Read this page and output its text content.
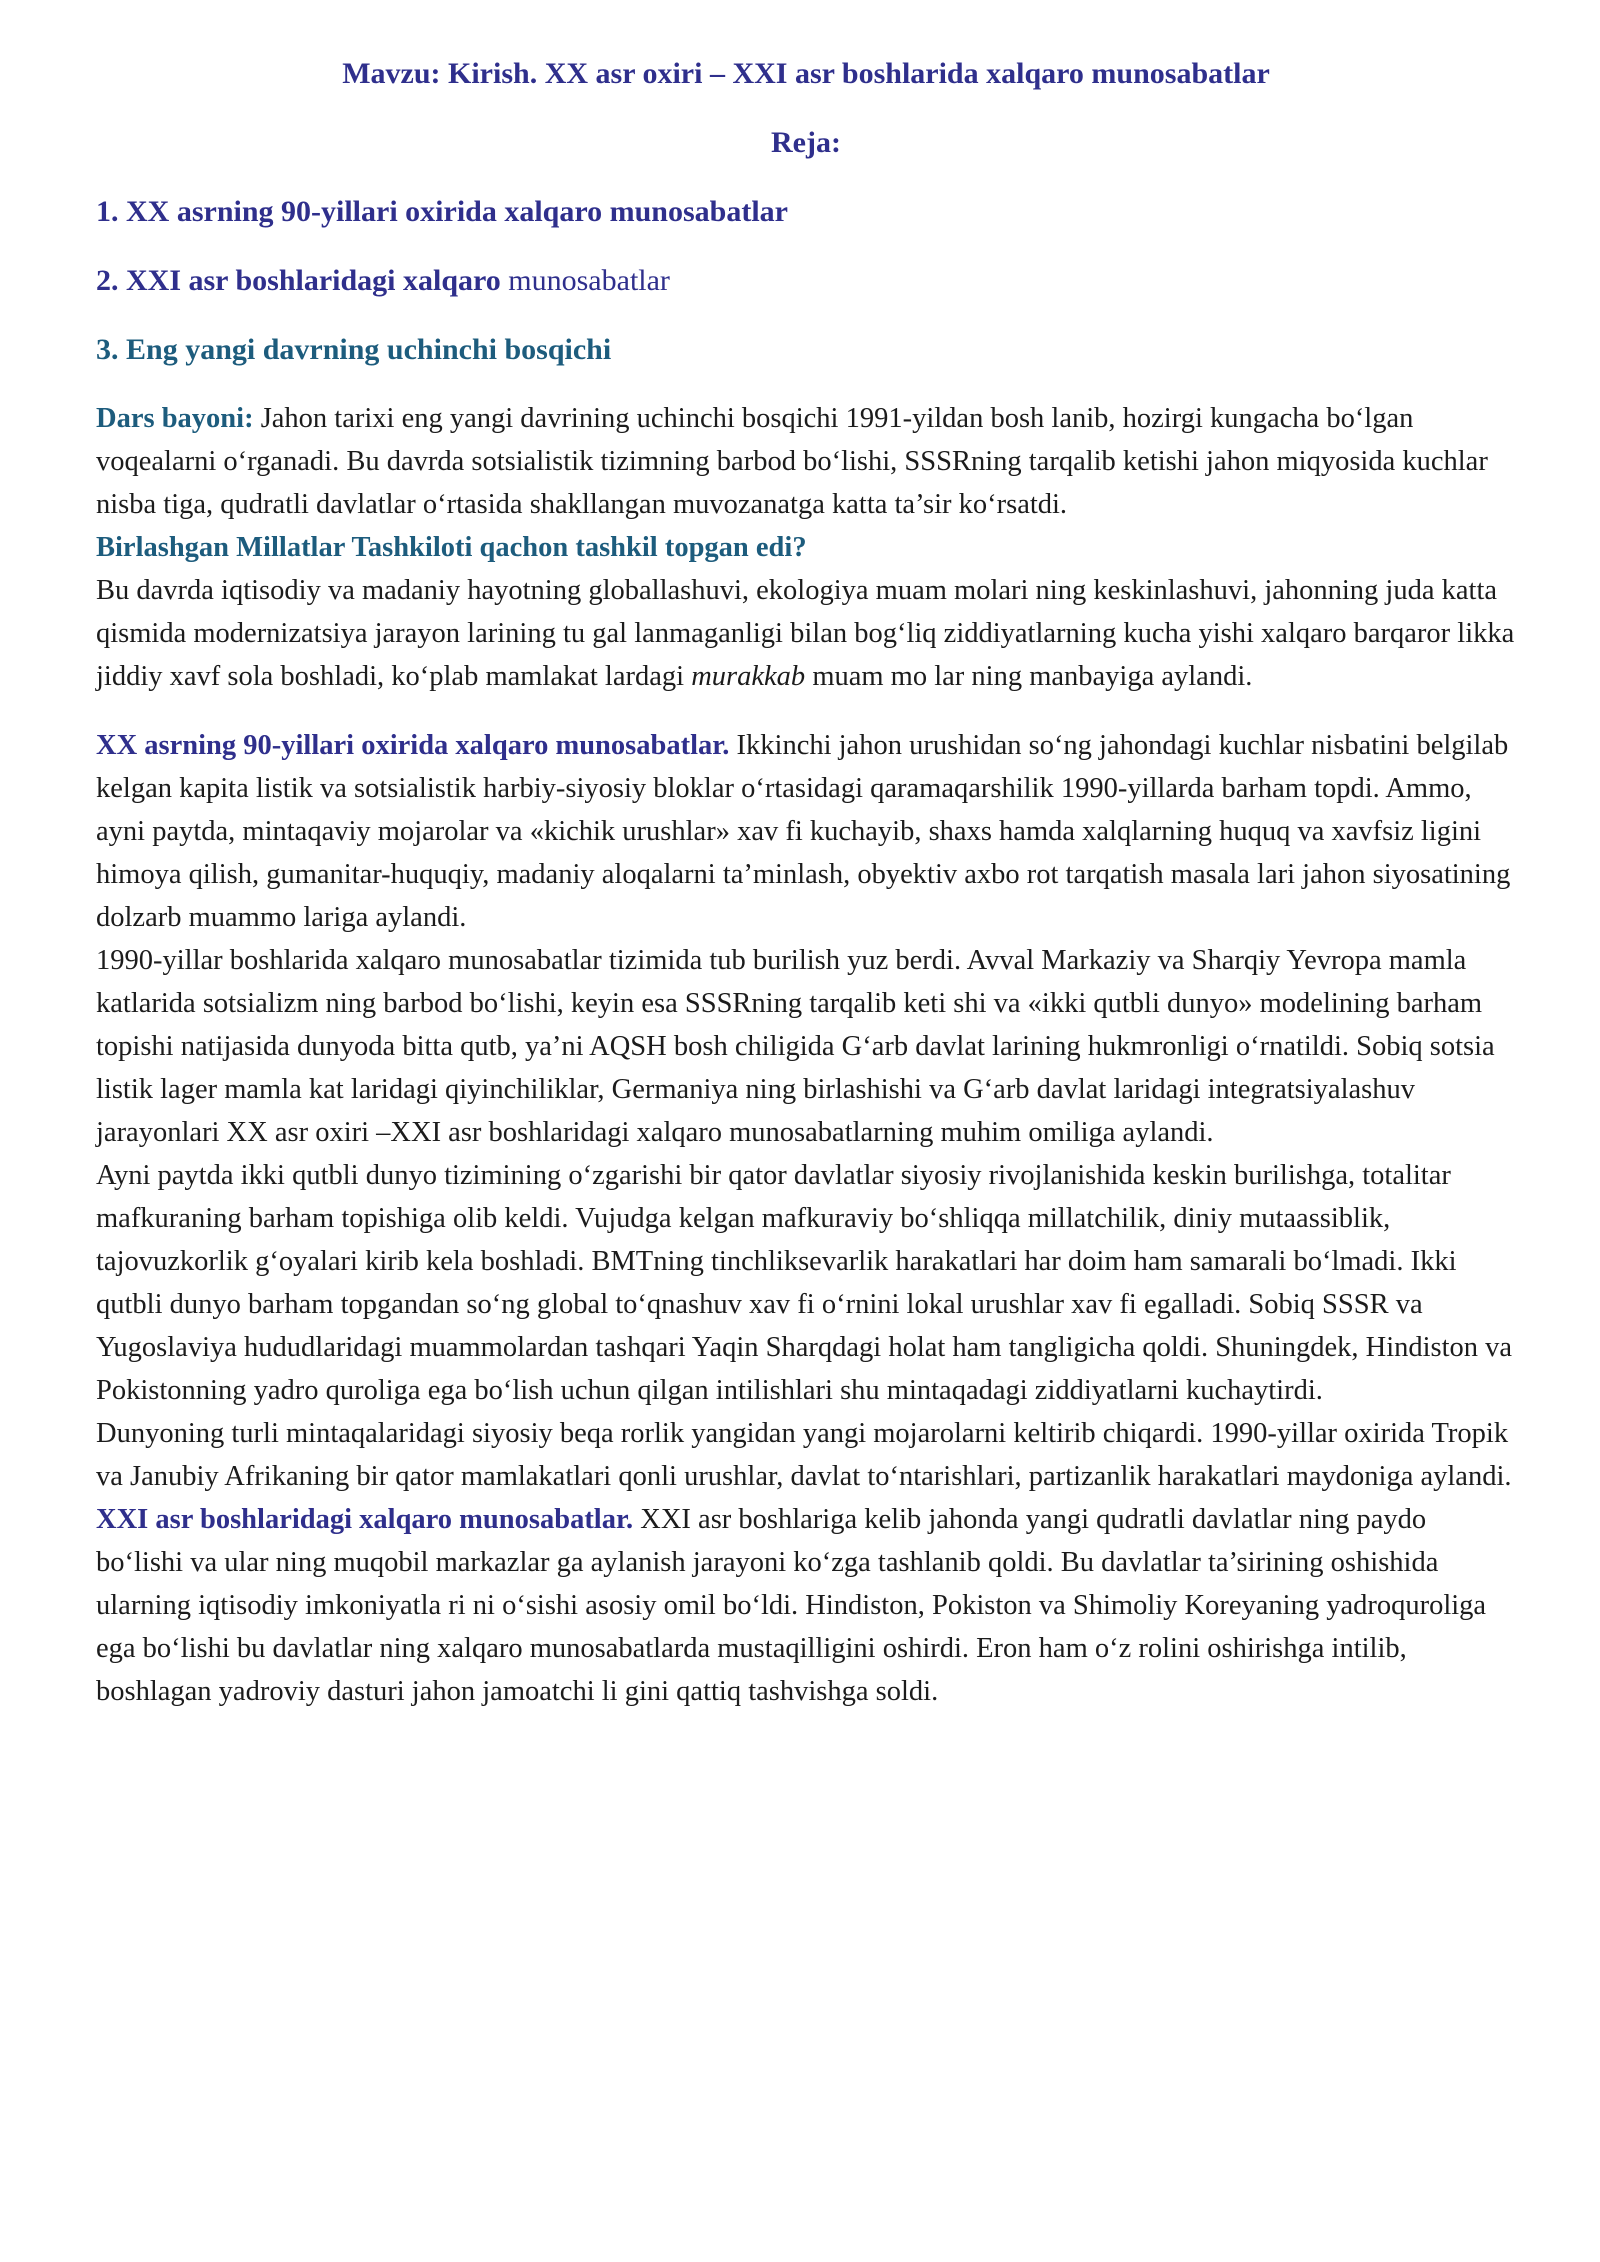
Mavzu: Kirish. XX asr oxiri – XXI asr boshlarida xalqaro munosabatlar
Reja:
1. XX asrning 90-yillari oxirida xalqaro munosabatlar
2. XXI asr boshlaridagi xalqaro munosabatlar
3. Eng yangi davrning uchinchi bosqichi

Dars bayoni: Jahon tarixi eng yangi davrining uchinchi bosqichi 1991-yildan bosh lanib, hozirgi kungacha bo‘lgan voqealarni o‘rganadi. Bu davrda sotsialistik tizimning barbod bo‘lishi, SSSRning tarqalib ketishi jahon miqyosida kuchlar nisba tiga, qudratli davlatlar o‘rtasida shakllangan muvozanatga katta ta’sir ko‘rsatdi.

Birlashgan Millatlar Tashkiloti qachon tashkil topgan edi?

Bu davrda iqtisodiy va madaniy hayotning globallashuvi, ekologiya muam molari ning keskinlashuvi, jahonning juda katta qismida modernizatsiya jarayon larining tu gal lanmaganligi bilan bog‘liq ziddiyatlarning kucha yishi xalqaro barqaror likka jiddiy xavf sola boshladi, ko‘plab mamlakat lardagi murakkab muam mo lar ning manbayiga aylandi.

XX asrning 90-yillari oxirida xalqaro munosabatlar. Ikkinchi jahon urushidan so‘ng jahondagi kuchlar nisbatini belgilab kelgan kapita listik va sotsialistik harbiy-siyosiy bloklar o‘rtasidagi qaramaqarshilik 1990-yillarda barham topdi. Ammo, ayni paytda, mintaqaviy mojarolar va «kichik urushlar» xav fi kuchayib, shaxs hamda xalqlarning huquq va xavfsiz ligini himoya qilish, gumanitar-huquqiy, madaniy aloqalarni ta’minlash, obyektiv axbo rot tarqatish masala lari jahon siyosatining dolzarb muammo lariga aylandi.

1990-yillar boshlarida xalqaro munosabatlar tizimida tub burilish yuz berdi. Avval Markaziy va Sharqiy Yevropa mamla katlarida sotsializm ning barbod bo‘lishi, keyin esa SSSRning tarqalib keti shi va «ikki qutbli dunyo» modelining barham topishi natijasida dunyoda bitta qutb, ya’ni AQSH bosh chiligida G‘arb davlat larining hukmronligi o‘rnatildi. Sobiq sotsia listik lager mamla kat laridagi qiyinchiliklar, Germaniya ning birlashishi va G‘arb davlat laridagi integratsiyalashuv jarayonlari XX asr oxiri –XXI asr boshlaridagi xalqaro munosabatlarning muhim omiliga aylandi.

Ayni paytda ikki qutbli dunyo tizimining o‘zgarishi bir qator davlatlar siyosiy rivojlanishida keskin burilishga, totalitar mafkuraning barham topishiga olib keldi. Vujudga kelgan mafkuraviy bo‘shliqqa millatchilik, diniy mutaassiblik, tajovuzkorlik g‘oyalari kirib kela boshladi. BMTning tinchliksevarlik harakatlari har doim ham samarali bo‘lmadi. Ikki qutbli dunyo barham topgandan so‘ng global to‘qnashuv xav fi o‘rnini lokal urushlar xav fi egalladi. Sobiq SSSR va Yugoslaviya hududlaridagi muammolardan tashqari Yaqin Sharqdagi holat ham tangligicha qoldi. Shuningdek, Hindiston va Pokistonning yadro quroliga ega bo‘lish uchun qilgan intilishlari shu mintaqadagi ziddiyatlarni kuchaytirdi.

Dunyoning turli mintaqalaridagi siyosiy beqa rorlik yangidan yangi mojarolarni keltirib chiqardi. 1990-yillar oxirida Tropik va Janubiy Afrikaning bir qator mamlakatlari qonli urushlar, davlat to‘ntarishlari, partizanlik harakatlari maydoniga aylandi.

XXI asr boshlaridagi xalqaro munosabatlar. XXI asr boshlariga kelib jahonda yangi qudratli davlatlar ning paydo bo‘lishi va ular ning muqobil markazlar ga aylanish jarayoni ko‘zga tashlanib qoldi. Bu davlatlar ta’sirining oshishida ularning iqtisodiy imkoniyatla ri ni o‘sishi asosiy omil bo‘ldi. Hindiston, Pokiston va Shimoliy Koreyaning yadroquroliga ega bo‘lishi bu davlatlar ning xalqaro munosabatlarda mustaqilligini oshirdi. Eron ham o‘z rolini oshirishga intilib, boshlagan yadroviy dasturi jahon jamoatchi li gini qattiq tashvishga soldi.
